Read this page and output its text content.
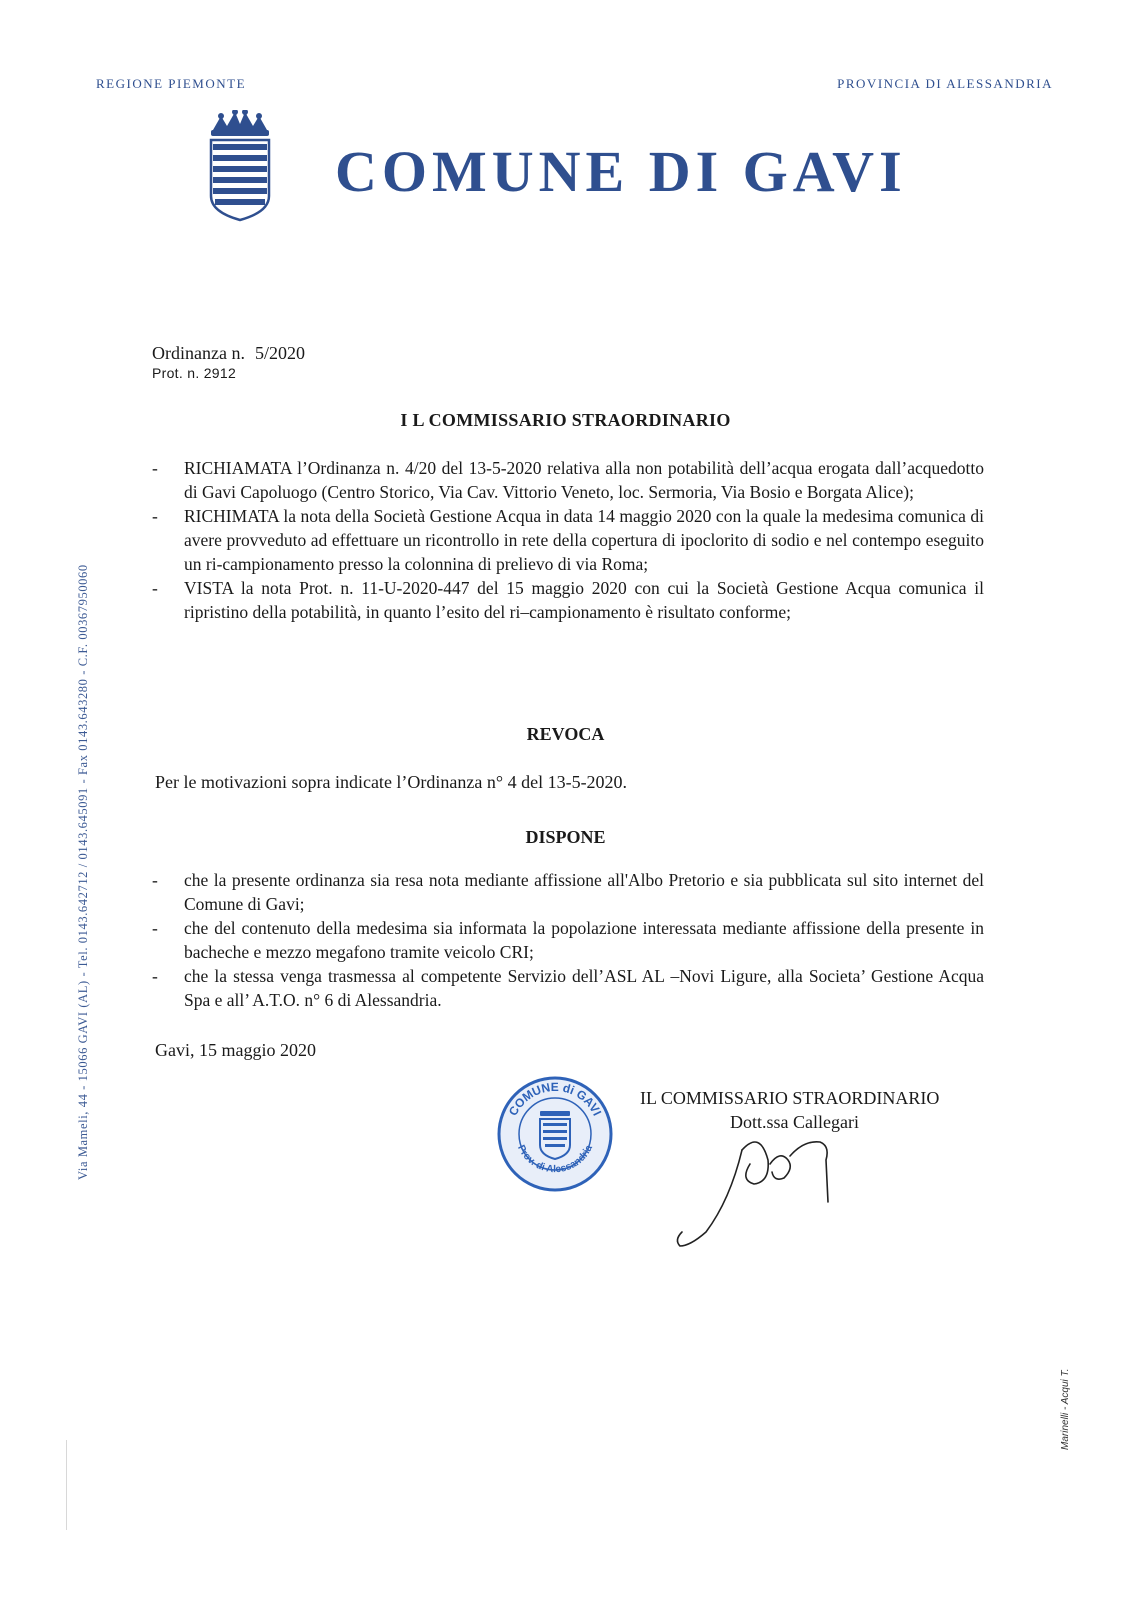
REGIONE PIEMONTE	PROVINCIA DI ALESSANDRIA
COMUNE DI GAVI
Via Mameli, 44 - 15066 GAVI (AL) - Tel. 0143.642712 / 0143.645091 - Fax 0143.643280 - C.F. 00367950060
Ordinanza n. 5/2020
Prot. n. 2912
I L COMMISSARIO STRAORDINARIO
- RICHIAMATA l’Ordinanza n. 4/20 del 13-5-2020 relativa alla non potabilità dell’acqua erogata dall’acquedotto di Gavi Capoluogo (Centro Storico, Via Cav. Vittorio Veneto, loc. Sermoria, Via Bosio e Borgata Alice);
- RICHIMATA la nota della Società Gestione Acqua in data 14 maggio 2020 con la quale la medesima comunica di avere provveduto ad effettuare un ricontrollo in rete della copertura di ipoclorito di sodio e nel contempo eseguito un ri-campionamento presso la colonnina di prelievo di via Roma;
- VISTA la nota Prot. n. 11-U-2020-447 del 15 maggio 2020 con cui la Società Gestione Acqua comunica il ripristino della potabilità, in quanto l’esito del ri–campionamento è risultato conforme;
REVOCA
Per le motivazioni sopra indicate l’Ordinanza n° 4 del 13-5-2020.
DISPONE
- che la presente ordinanza sia resa nota mediante affissione all'Albo Pretorio e sia pubblicata sul sito internet del Comune di Gavi;
- che del contenuto della medesima sia informata la popolazione interessata mediante affissione della presente in bacheche e mezzo megafono tramite veicolo CRI;
- che la stessa venga trasmessa al competente Servizio dell’ASL AL –Novi Ligure, alla Societa’ Gestione Acqua Spa e all’ A.T.O. n° 6 di Alessandria.
Gavi, 15 maggio 2020
COMUNE di GAVI
Prov. di Alessandria
IL COMMISSARIO STRAORDINARIO
Dott.ssa Callegari
Marinelli - Acqui T.
